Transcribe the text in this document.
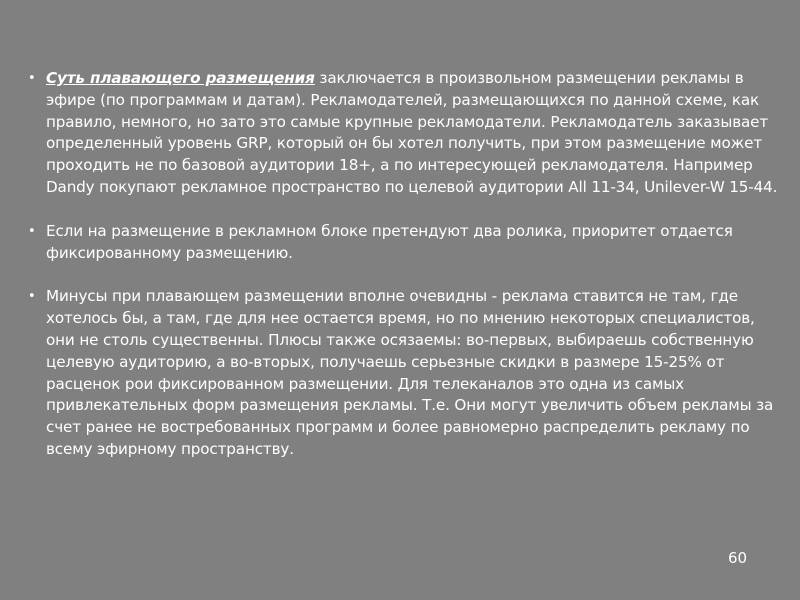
• Суть плавающего размещения заключается в произвольном размещении рекламы в эфире (по программам и датам). Рекламодателей, размещающихся по данной схеме, как правило, немного, но зато это самые крупные рекламодатели. Рекламодатель заказывает определенный уровень GRP, который он бы хотел получить, при этом размещение может проходить не по базовой аудитории 18+, а по интересующей рекламодателя. Например Dandy покупают рекламное пространство по целевой аудитории All 11-34, Unilever-W 15-44.
• Если на размещение в рекламном блоке претендуют два ролика, приоритет отдается фиксированному размещению.
• Минусы при плавающем размещении вполне очевидны - реклама ставится не там, где хотелось бы, а там, где для нее остается время, но по мнению некоторых специалистов, они не столь существенны. Плюсы также осязаемы: во-первых, выбираешь собственную целевую аудиторию, а во-вторых, получаешь серьезные скидки в размере 15-25% от расценок рои фиксированном размещении. Для телеканалов это одна из самых привлекательных форм размещения рекламы. Т.е. Они могут увеличить объем рекламы за счет ранее не востребованных программ и более равномерно распределить рекламу по всему эфирному пространству.
60
